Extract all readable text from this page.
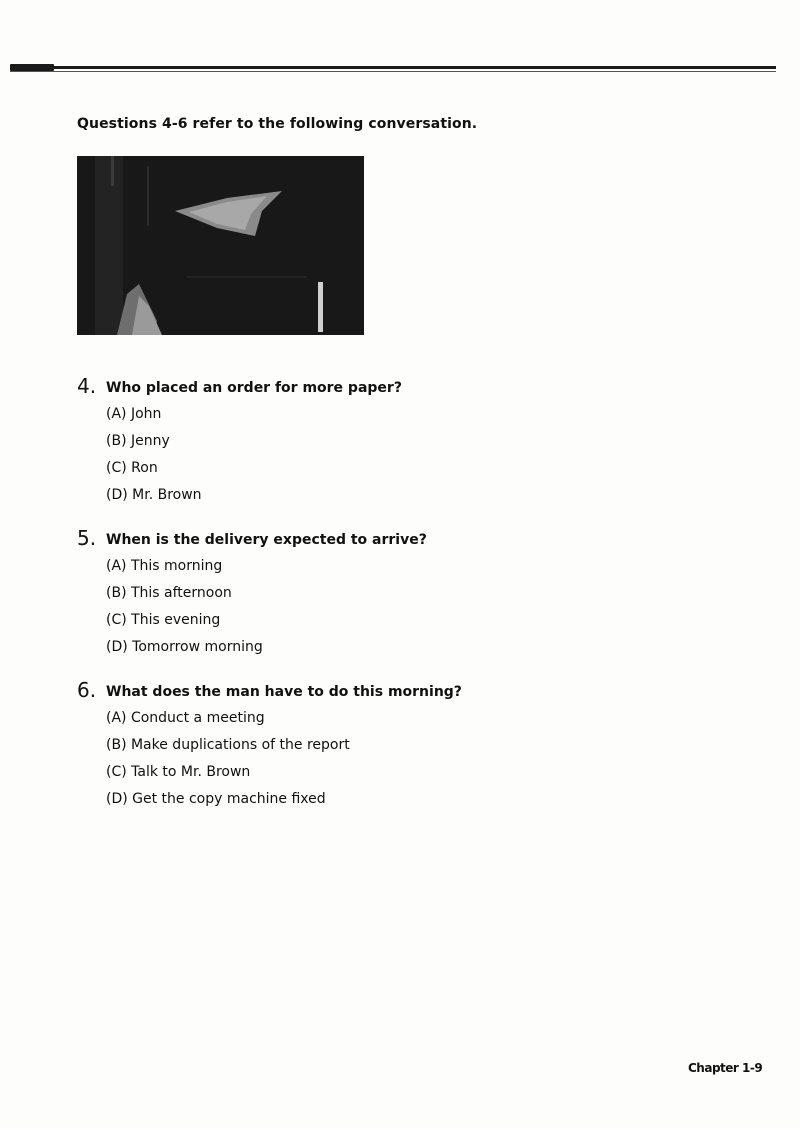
Questions 4-6 refer to the following conversation.
4. Who placed an order for more paper?
(A) John
(B) Jenny
(C) Ron
(D) Mr. Brown
5. When is the delivery expected to arrive?
(A) This morning
(B) This afternoon
(C) This evening
(D) Tomorrow morning
6. What does the man have to do this morning?
(A) Conduct a meeting
(B) Make duplications of the report
(C) Talk to Mr. Brown
(D) Get the copy machine fixed
Chapter 1-9
